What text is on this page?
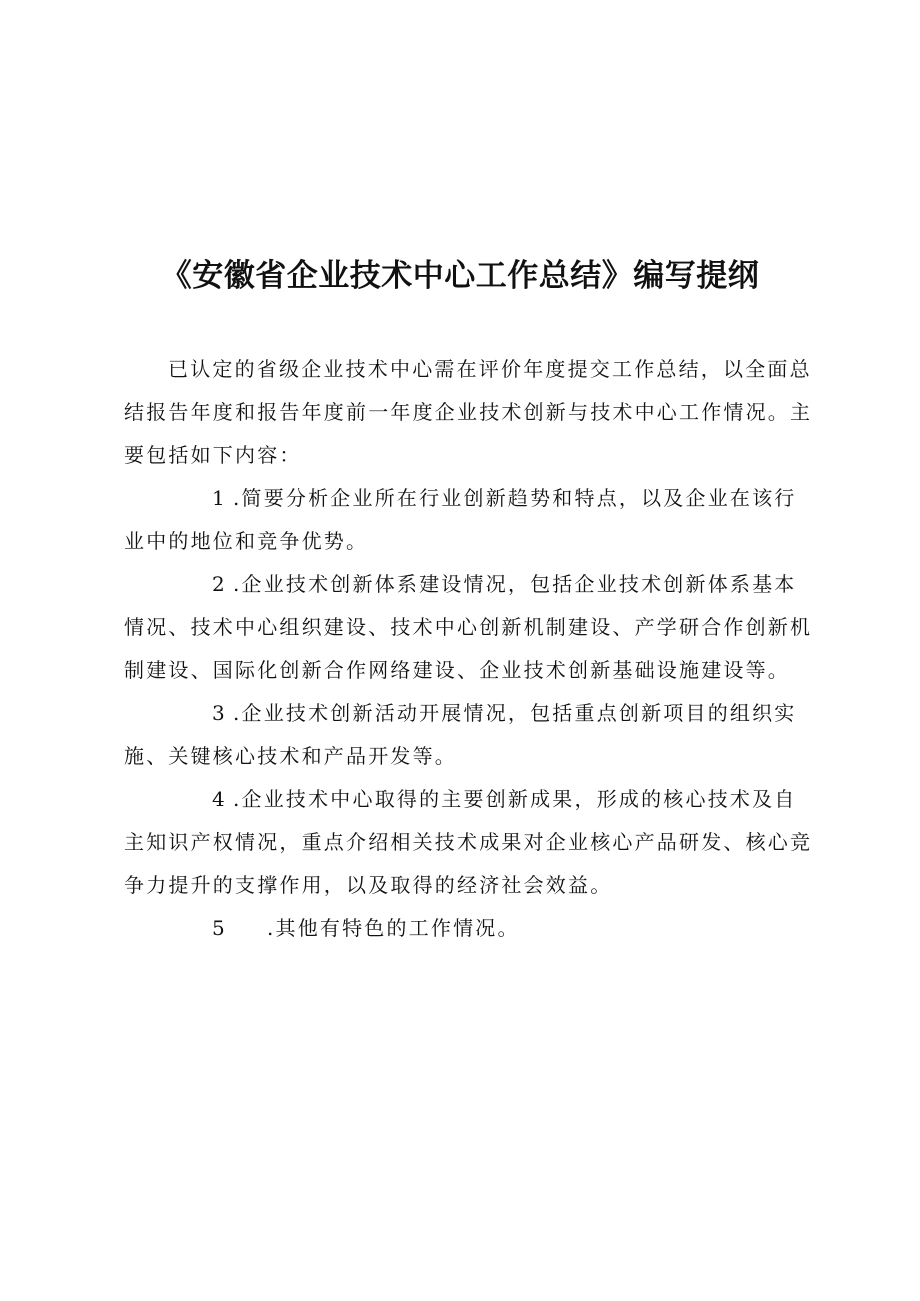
《安徽省企业技术中心工作总结》编写提纲

已认定的省级企业技术中心需在评价年度提交工作总结，以全面总结报告年度和报告年度前一年度企业技术创新与技术中心工作情况。主要包括如下内容：

1 .简要分析企业所在行业创新趋势和特点，以及企业在该行业中的地位和竞争优势。

2 .企业技术创新体系建设情况，包括企业技术创新体系基本情况、技术中心组织建设、技术中心创新机制建设、产学研合作创新机制建设、国际化创新合作网络建设、企业技术创新基础设施建设等。

3 .企业技术创新活动开展情况，包括重点创新项目的组织实施、关键核心技术和产品开发等。

4 .企业技术中心取得的主要创新成果，形成的核心技术及自主知识产权情况，重点介绍相关技术成果对企业核心产品研发、核心竞争力提升的支撑作用，以及取得的经济社会效益。

5 .其他有特色的工作情况。
